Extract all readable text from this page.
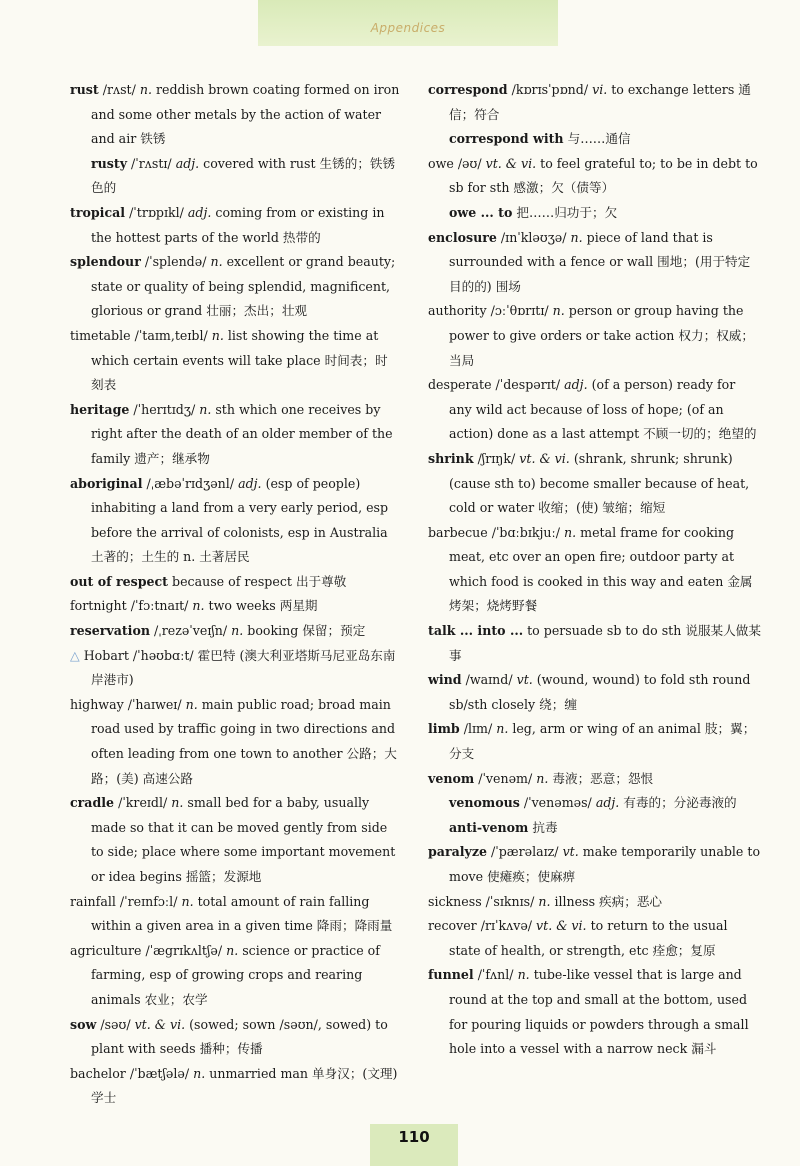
Appendices

rust /rʌst/ n. reddish brown coating formed on iron and some other metals by the action of water and air 铁锈

rusty /ˈrʌstɪ/ adj. covered with rust 生锈的；铁锈色的

tropical /ˈtrɒpɪkl/ adj. coming from or existing in the hottest parts of the world 热带的

splendour /ˈsplendə/ n. excellent or grand beauty; state or quality of being splendid, magnificent, glorious or grand 壮丽；杰出；壮观

timetable /ˈtaɪm,teɪbl/ n. list showing the time at which certain events will take place 时间表；时刻表

heritage /ˈherɪtɪdʒ/ n. sth which one receives by right after the death of an older member of the family 遗产；继承物

aboriginal /ˌæbəˈrɪdʒənl/ adj. (esp of people) inhabiting a land from a very early period, esp before the arrival of colonists, esp in Australia 土著的；土生的 n. 土著居民

out of respect because of respect 出于尊敬

fortnight /ˈfɔːtnaɪt/ n. two weeks 两星期

reservation /ˌrezəˈveɪʃn/ n. booking 保留；预定

△ Hobart /ˈhəʊbɑːt/ 霍巴特 (澳大利亚塔斯马尼亚岛东南岸港市)

highway /ˈhaɪweɪ/ n. main public road; broad main road used by traffic going in two directions and often leading from one town to another 公路；大路；(美) 高速公路

cradle /ˈkreɪdl/ n. small bed for a baby, usually made so that it can be moved gently from side to side; place where some important movement or idea begins 摇篮；发源地

rainfall /ˈreɪnfɔːl/ n. total amount of rain falling within a given area in a given time 降雨；降雨量

agriculture /ˈægrɪkʌltʃə/ n. science or practice of farming, esp of growing crops and rearing animals 农业；农学

sow /səʊ/ vt. & vi. (sowed; sown /səʊn/, sowed) to plant with seeds 播种；传播

bachelor /ˈbætʃələ/ n. unmarried man 单身汉；(文理) 学士

correspond /kɒrɪsˈpɒnd/ vi. to exchange letters 通信；符合

correspond with 与……通信

owe /əʊ/ vt. & vi. to feel grateful to; to be in debt to sb for sth 感激；欠（债等）

owe ... to 把……归功于；欠

enclosure /ɪnˈkləʊʒə/ n. piece of land that is surrounded with a fence or wall 围地；(用于特定目的的) 围场

authority /ɔːˈθɒrɪtɪ/ n. person or group having the power to give orders or take action 权力；权威；当局

desperate /ˈdespərɪt/ adj. (of a person) ready for any wild act because of loss of hope; (of an action) done as a last attempt 不顾一切的；绝望的

shrink /ʃrɪŋk/ vt. & vi. (shrank, shrunk; shrunk) (cause sth to) become smaller because of heat, cold or water 收缩；(使) 皱缩；缩短

barbecue /ˈbɑːbɪkjuː/ n. metal frame for cooking meat, etc over an open fire; outdoor party at which food is cooked in this way and eaten 金属烤架；烧烤野餐

talk ... into ... to persuade sb to do sth 说服某人做某事

wind /waɪnd/ vt. (wound, wound) to fold sth round sb/sth closely 绕；缠

limb /lɪm/ n. leg, arm or wing of an animal 肢；翼；分支

venom /ˈvenəm/ n. 毒液；恶意；怨恨

venomous /ˈvenəməs/ adj. 有毒的；分泌毒液的

anti-venom 抗毒

paralyze /ˈpærəlaɪz/ vt. make temporarily unable to move 使瘫痪；使麻痹

sickness /ˈsɪknɪs/ n. illness 疾病；恶心

recover /rɪˈkʌvə/ vt. & vi. to return to the usual state of health, or strength, etc 痊愈；复原

funnel /ˈfʌnl/ n. tube-like vessel that is large and round at the top and small at the bottom, used for pouring liquids or powders through a small hole into a vessel with a narrow neck 漏斗

110
